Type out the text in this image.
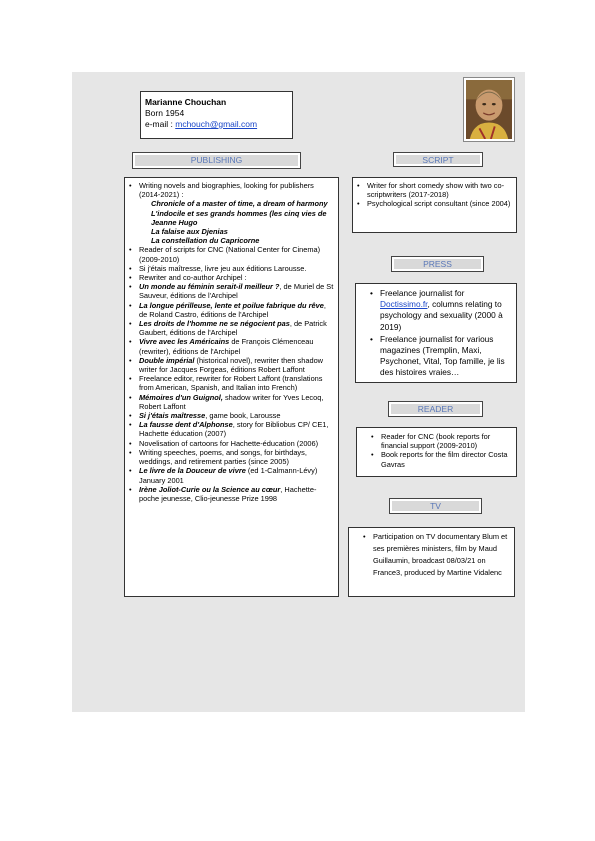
Marianne Chouchan
Born 1954
e-mail : mchouch@gmail.com
PUBLISHING	SCRIPT
• Writing novels and biographies, looking for publishers (2014-2021) :
Chronicle of a master of time, a dream of harmony
L'indocile et ses grands hommes (les cinq vies de Jeanne Hugo
La falaise aux Djenias
La constellation du Capricorne
• Reader of scripts for CNC (National Center for Cinema) (2009-2010)
• Si j'étais maîtresse, livre jeu aux éditions Larousse.
• Rewriter and co-author Archipel :
• Un monde au féminin serait-il meilleur ?, de Muriel de St Sauveur, éditions de l'Archipel
• La longue périlleuse, lente et poilue fabrique du rêve, de Roland Castro, éditions de l'Archipel
• Les droits de l'homme ne se négocient pas, de Patrick Gaubert, éditions de l'Archipel
• Vivre avec les Américains de François Clémenceau (rewriter), éditions de l'Archipel
• Double impérial (historical novel), rewriter then shadow writer for Jacques Forgeas, éditions Robert Laffont
• Freelance editor, rewriter for Robert Laffont (translations from American, Spanish, and Italian into French)
• Mémoires d'un Guignol, shadow writer for Yves Lecoq, Robert Laffont
• Si j'étais maîtresse, game book, Larousse
• La fausse dent d'Alphonse, story for Bibliobus CP/ CE1, Hachette éducation (2007)
• Novelisation of cartoons for Hachette-éducation (2006)
• Writing speeches, poems, and songs, for birthdays, weddings, and retirement parties (since 2005)
• Le livre de la Douceur de vivre (ed 1-Calmann-Lévy) January 2001
• Irène Joliot-Curie ou la Science au cœur, Hachette-poche jeunesse, Clio-jeunesse Prize 1998
• Writer for short comedy show with two co-scriptwriters (2017-2018)
• Psychological script consultant (since 2004)
PRESS
• Freelance journalist for Doctissimo.fr, columns relating to psychology and sexuality (2000 à 2019)
• Freelance journalist for various magazines (Tremplin, Maxi, Psychonet, Vital, Top famille, je lis des histoires vraies…
READER
• Reader for CNC (book reports for financial support (2009-2010)
• Book reports for the film director Costa Gavras
TV
• Participation on TV documentary Blum et ses premières ministers, film by Maud Guillaumin, broadcast 08/03/21 on France3, produced by Martine Vidalenc
